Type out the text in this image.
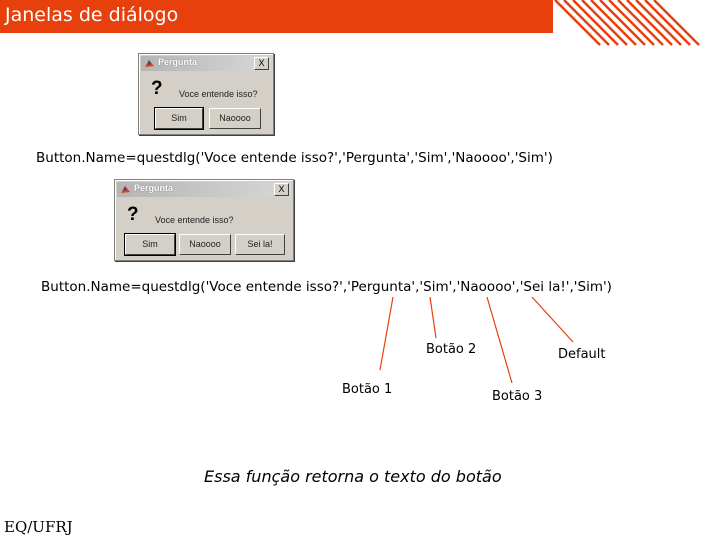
Janelas de diálogo
Pergunta	X
? Voce entende isso?
Sim	Naoooo
Button.Name=questdlg('Voce entende isso?','Pergunta','Sim','Naoooo','Sim')
Pergunta	X
? Voce entende isso?
Sim	Naoooo	Sei la!
Button.Name=questdlg('Voce entende isso?','Pergunta','Sim','Naoooo','Sei la!','Sim')
Botão 1
Botão 2
Botão 3
Default
Essa função retorna o texto do botão
EQ/UFRJ
